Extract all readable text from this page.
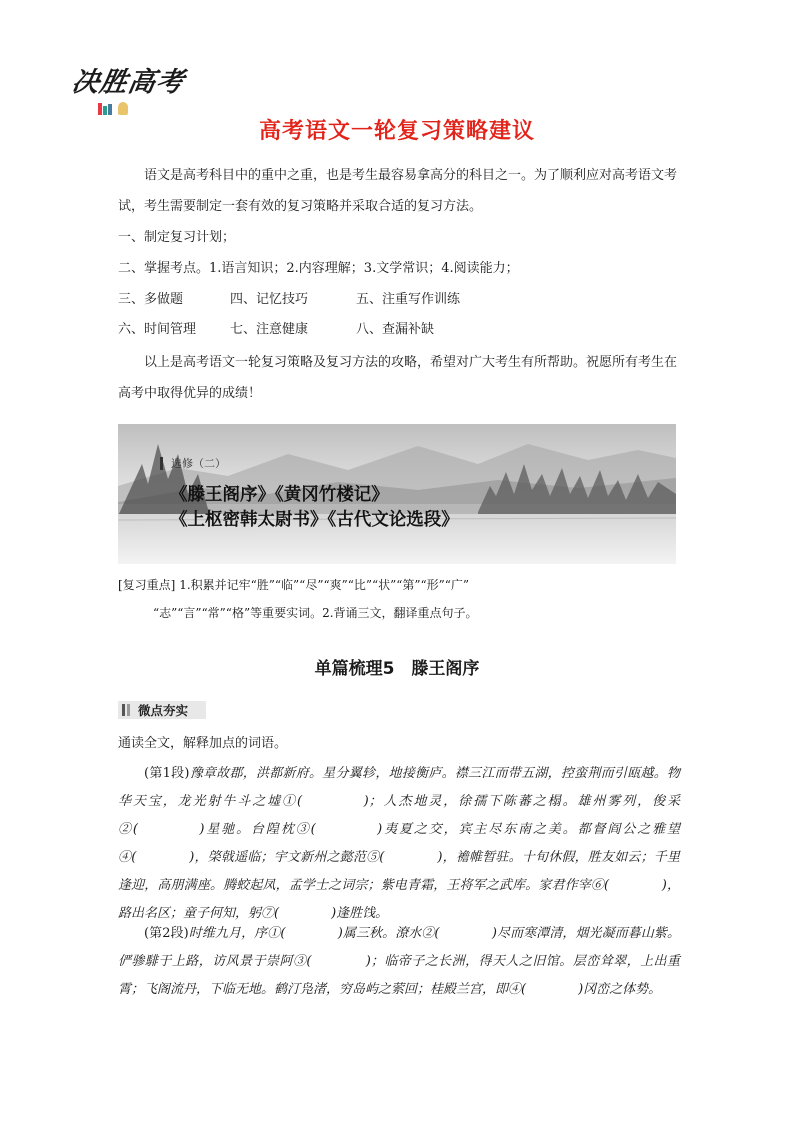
决胜高考
高考语文一轮复习策略建议
语文是高考科目中的重中之重，也是考生最容易拿高分的科目之一。为了顺利应对高考语文考试，考生需要制定一套有效的复习策略并采取合适的复习方法。
一、制定复习计划；
二、掌握考点。1.语言知识；2.内容理解；3.文学常识；4.阅读能力；
三、多做题	四、记忆技巧	五、注重写作训练
六、时间管理	七、注意健康	八、查漏补缺
以上是高考语文一轮复习策略及复习方法的攻略，希望对广大考生有所帮助。祝愿所有考生在高考中取得优异的成绩！
选修（二）
《滕王阁序》《黄冈竹楼记》
《上枢密韩太尉书》《古代文论选段》
[复习重点] 1.积累并记牢“胜”“临”“尽”“爽”“比”“状”“第”“形”“广”
“志”“言”“常”“格”等重要实词。2.背诵三文，翻译重点句子。
单篇梳理5　滕王阁序
微点夯实
通读全文，解释加点的词语。
(第1段)豫章故郡，洪都新府。星分翼轸，地接衡庐。襟三江而带五湖，控蛮荆而引瓯越。物华天宝，龙光射牛斗之墟①(　　　　)；人杰地灵，徐孺下陈蕃之榻。雄州雾列，俊采②(　　　　)星驰。台隍枕③(　　　　)夷夏之交，宾主尽东南之美。都督阎公之雅望④(　　　　)，棨戟遥临；宇文新州之懿范⑤(　　　　)，襜帷暂驻。十旬休假，胜友如云；千里逢迎，高朋满座。腾蛟起凤，孟学士之词宗；紫电青霜，王将军之武库。家君作宰⑥(　　　　)，路出名区；童子何知，躬⑦(　　　　)逢胜饯。
(第2段)时维九月，序①(　　　　)属三秋。潦水②(　　　　)尽而寒潭清，烟光凝而暮山紫。俨骖騑于上路，访风景于崇阿③(　　　　)；临帝子之长洲，得天人之旧馆。层峦耸翠，上出重霄；飞阁流丹，下临无地。鹤汀凫渚，穷岛屿之萦回；桂殿兰宫，即④(　　　　)冈峦之体势。
